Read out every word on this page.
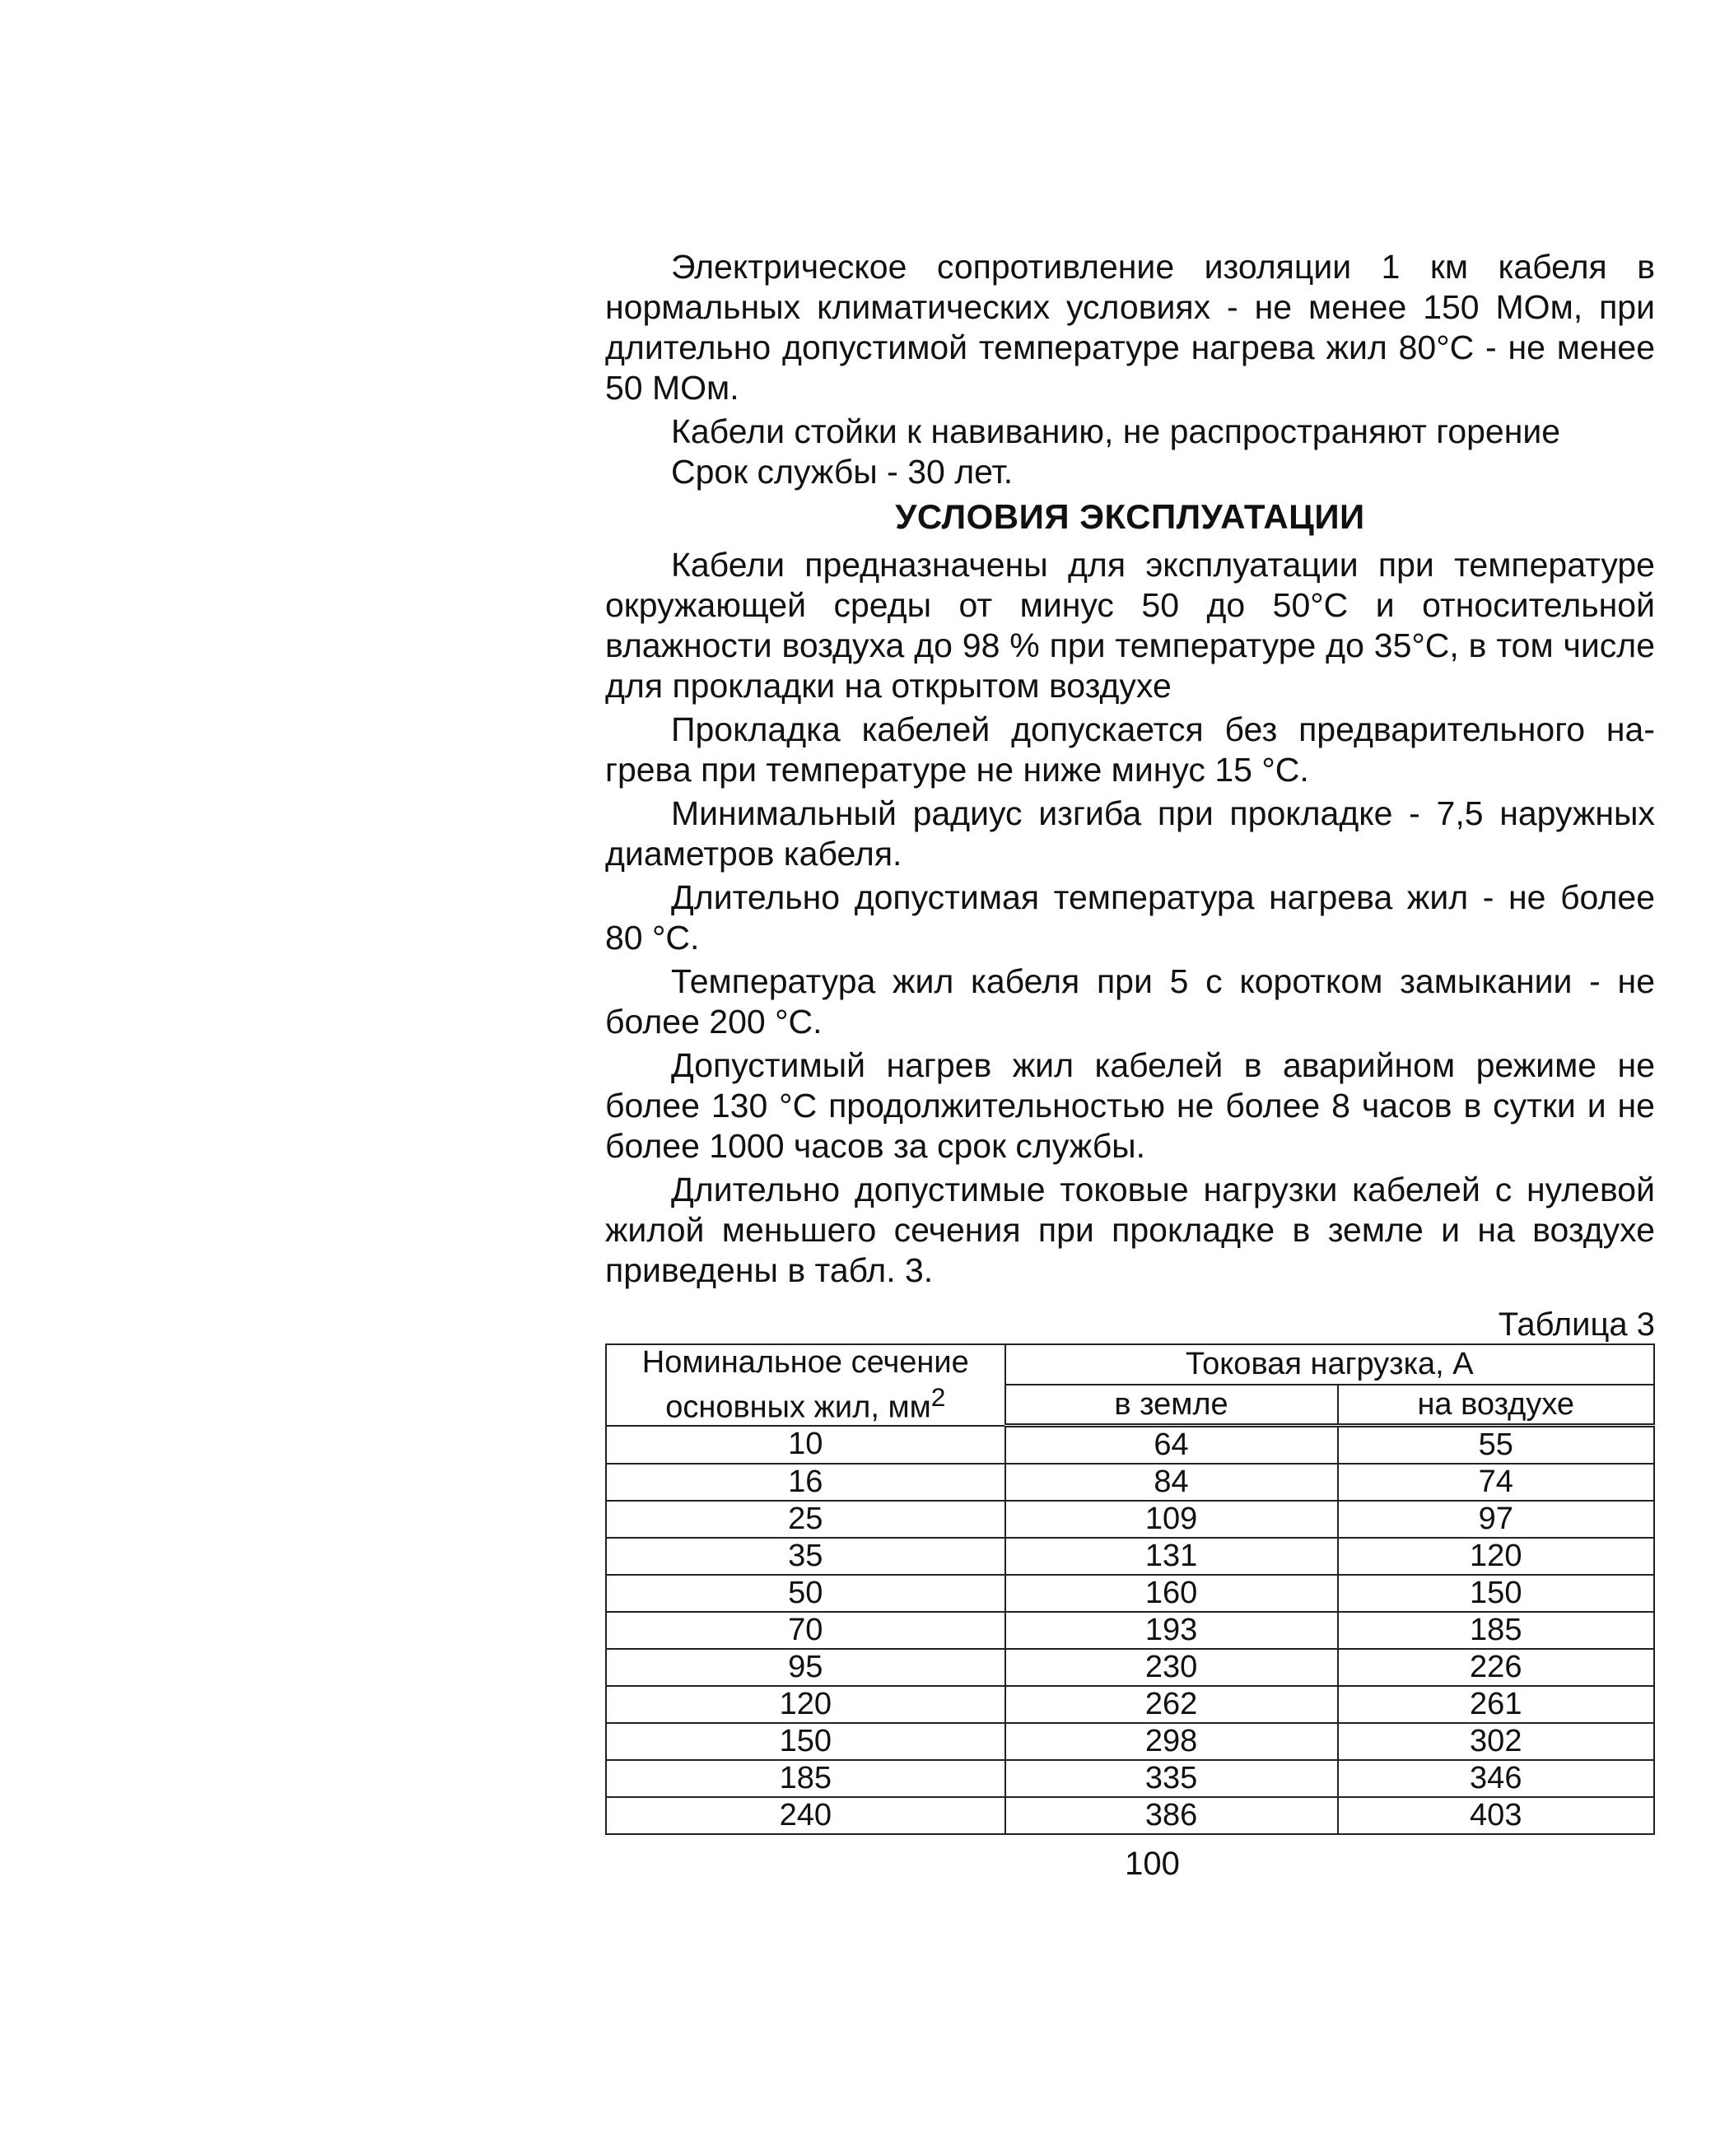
Электрическое сопротивление изоляции 1 км кабеля в нормальных климатических условиях - не менее 150 МОм, при длительно допустимой температуре нагрева жил 80°С - не менее 50 МОм.

Кабели стойки к навиванию, не распространяют горение

Срок службы - 30 лет.

УСЛОВИЯ ЭКСПЛУАТАЦИИ

Кабели предназначены для эксплуатации при температуре окружающей среды от минус 50 до 50°С и относительной влажности воздуха до 98 % при температуре до 35°С, в том числе для прокладки на открытом воздухе

Прокладка кабелей допускается без предварительного на-грева при температуре не ниже минус 15 °С.

Минимальный радиус изгиба при прокладке - 7,5 наружных диаметров кабеля.

Длительно допустимая температура нагрева жил - не более 80 °С.

Температура жил кабеля при 5 с коротком замыкании - не более 200 °С.

Допустимый нагрев жил кабелей в аварийном режиме не более 130 °С продолжительностью не более 8 часов в сутки и не более 1000 часов за срок службы.

Длительно допустимые токовые нагрузки кабелей с нулевой жилой меньшего сечения при прокладке в земле и на воздухе приведены в табл. 3.

Таблица 3
Номинальное сечение
основных жил, $мм^2$	Токовая нагрузка, А	
	в земле	на воздухе
10	64	55
16	84	74
25	109	97
35	131	120
50	160	150
70	193	185
95	230	226
120	262	261
150	298	302
185	335	346
240	386	403
100
